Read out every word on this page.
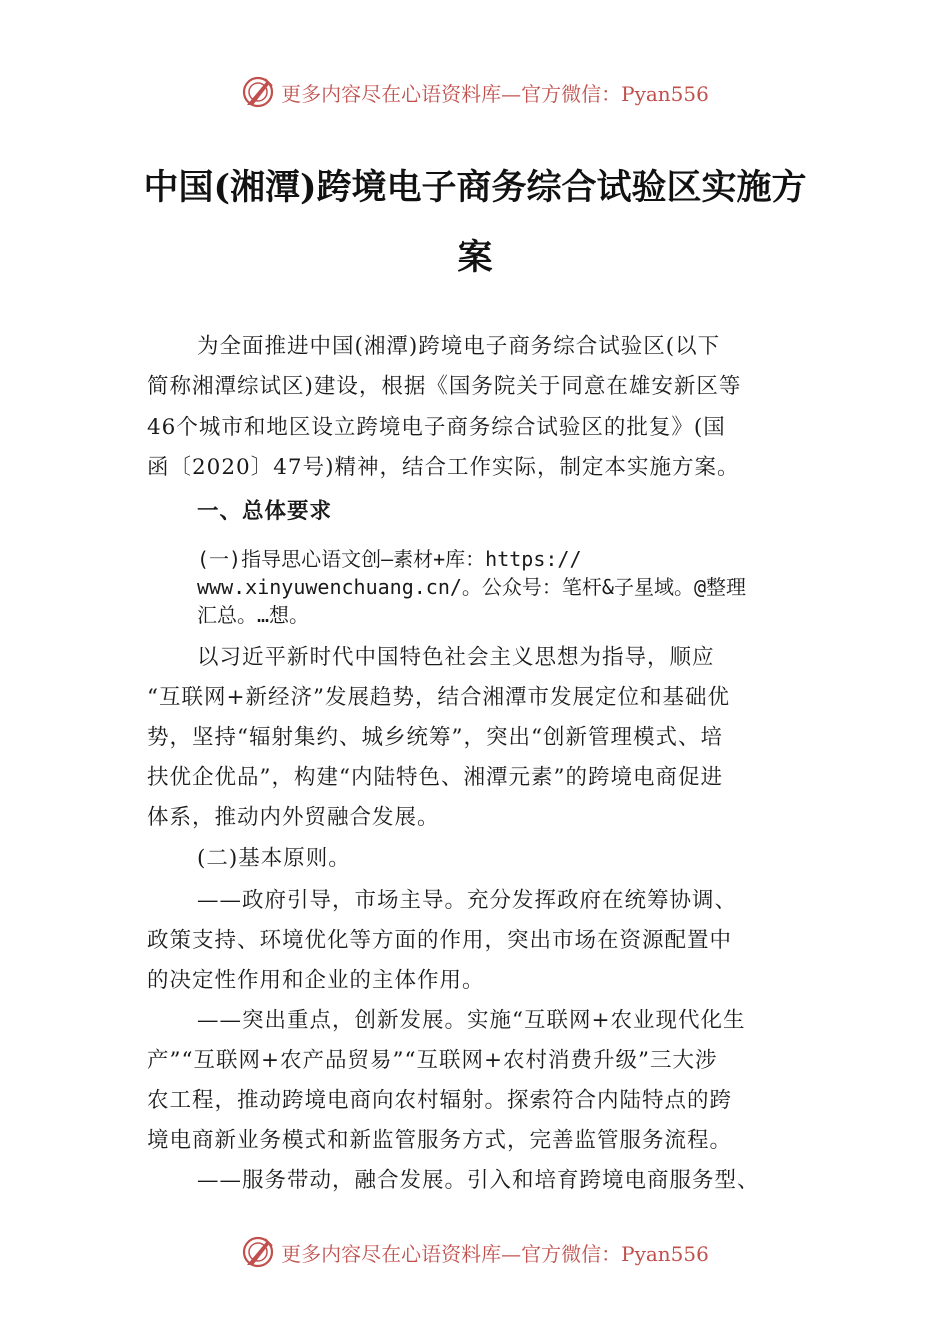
更多内容尽在心语资料库—官方微信：Pyan556
中国(湘潭)跨境电子商务综合试验区实施方
案
为全面推进中国(湘潭)跨境电子商务综合试验区(以下
简称湘潭综试区)建设，根据《国务院关于同意在雄安新区等
46个城市和地区设立跨境电子商务综合试验区的批复》(国
函〔2020〕47号)精神，结合工作实际，制定本实施方案。
一、总体要求
(一)指导思心语文创—素材+库：https://
www.xinyuwenchuang.cn/。公众号：笔杆&子星域。@整理
汇总。…想。
以习近平新时代中国特色社会主义思想为指导，顺应
“互联网+新经济”发展趋势，结合湘潭市发展定位和基础优
势，坚持“辐射集约、城乡统筹”，突出“创新管理模式、培
扶优企优品”，构建“内陆特色、湘潭元素”的跨境电商促进
体系，推动内外贸融合发展。
(二)基本原则。
——政府引导，市场主导。充分发挥政府在统筹协调、
政策支持、环境优化等方面的作用，突出市场在资源配置中
的决定性作用和企业的主体作用。
——突出重点，创新发展。实施“互联网+农业现代化生
产”“互联网+农产品贸易”“互联网+农村消费升级”三大涉
农工程，推动跨境电商向农村辐射。探索符合内陆特点的跨
境电商新业务模式和新监管服务方式，完善监管服务流程。
——服务带动，融合发展。引入和培育跨境电商服务型、
更多内容尽在心语资料库—官方微信：Pyan556
